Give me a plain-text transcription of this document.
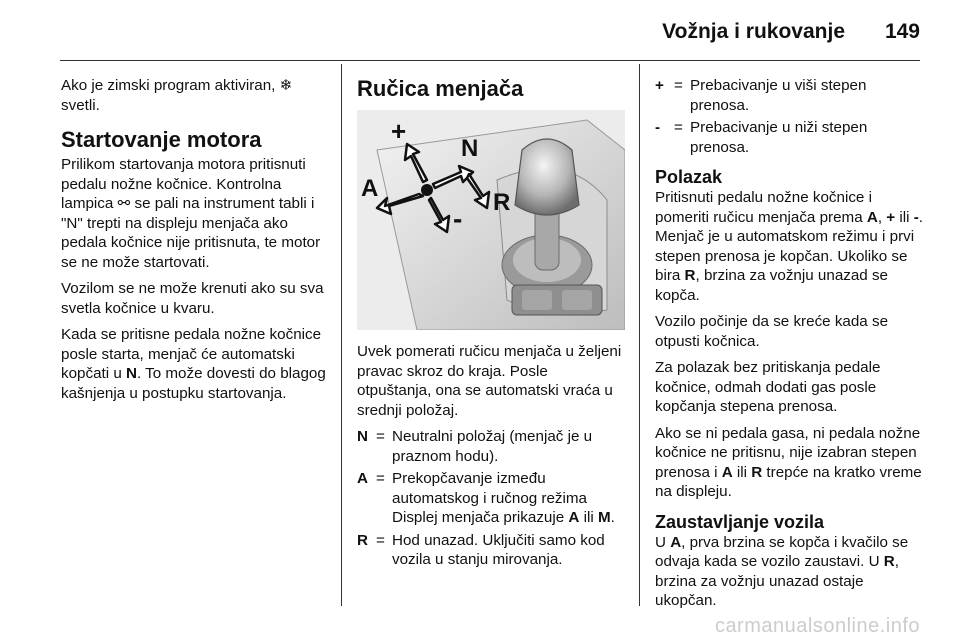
Vožnja i rukovanje 149

Ako je zimski program aktiviran, ❄ svetli.

Startovanje motora

Prilikom startovanja motora pritisnuti pedalu nožne kočnice. Kontrolna lampica ⚯ se pali na instrument tabli i "N" trepti na displeju menjača ako pedala kočnice nije pritisnuta, te motor se ne može startovati.

Vozilom se ne može krenuti ako su sva svetla kočnice u kvaru.

Kada se pritisne pedala nožne kočnice posle starta, menjač će automatski kopčati u N. To može dovesti do blagog kašnjenja u postupku startovanja.

Ručica menjača
+
N
A
R
-

Uvek pomerati ručicu menjača u željeni pravac skroz do kraja. Posle otpuštanja, ona se automatski vraća u srednji položaj.

N = Neutralni položaj (menjač je u praznom hodu).
A = Prekopčavanje između automatskog i ručnog režima Displej menjača prikazuje A ili M.
R = Hod unazad. Uključiti samo kod vozila u stanju mirovanja.
+ = Prebacivanje u viši stepen prenosa.
- = Prebacivanje u niži stepen prenosa.
Polazak

Pritisnuti pedalu nožne kočnice i pomeriti ručicu menjača prema A, + ili -. Menjač je u automatskom režimu i prvi stepen prenosa je kopčan. Ukoliko se bira R, brzina za vožnju unazad se kopča.

Vozilo počinje da se kreće kada se otpusti kočnica.

Za polazak bez pritiskanja pedale kočnice, odmah dodati gas posle kopčanja stepena prenosa.

Ako se ni pedala gasa, ni pedala nožne kočnice ne pritisnu, nije izabran stepen prenosa i A ili R trepće na kratko vreme na displeju.

Zaustavljanje vozila

U A, prva brzina se kopča i kvačilo se odvaja kada se vozilo zaustavi. U R, brzina za vožnju unazad ostaje ukopčan.

carmanualsonline.info
